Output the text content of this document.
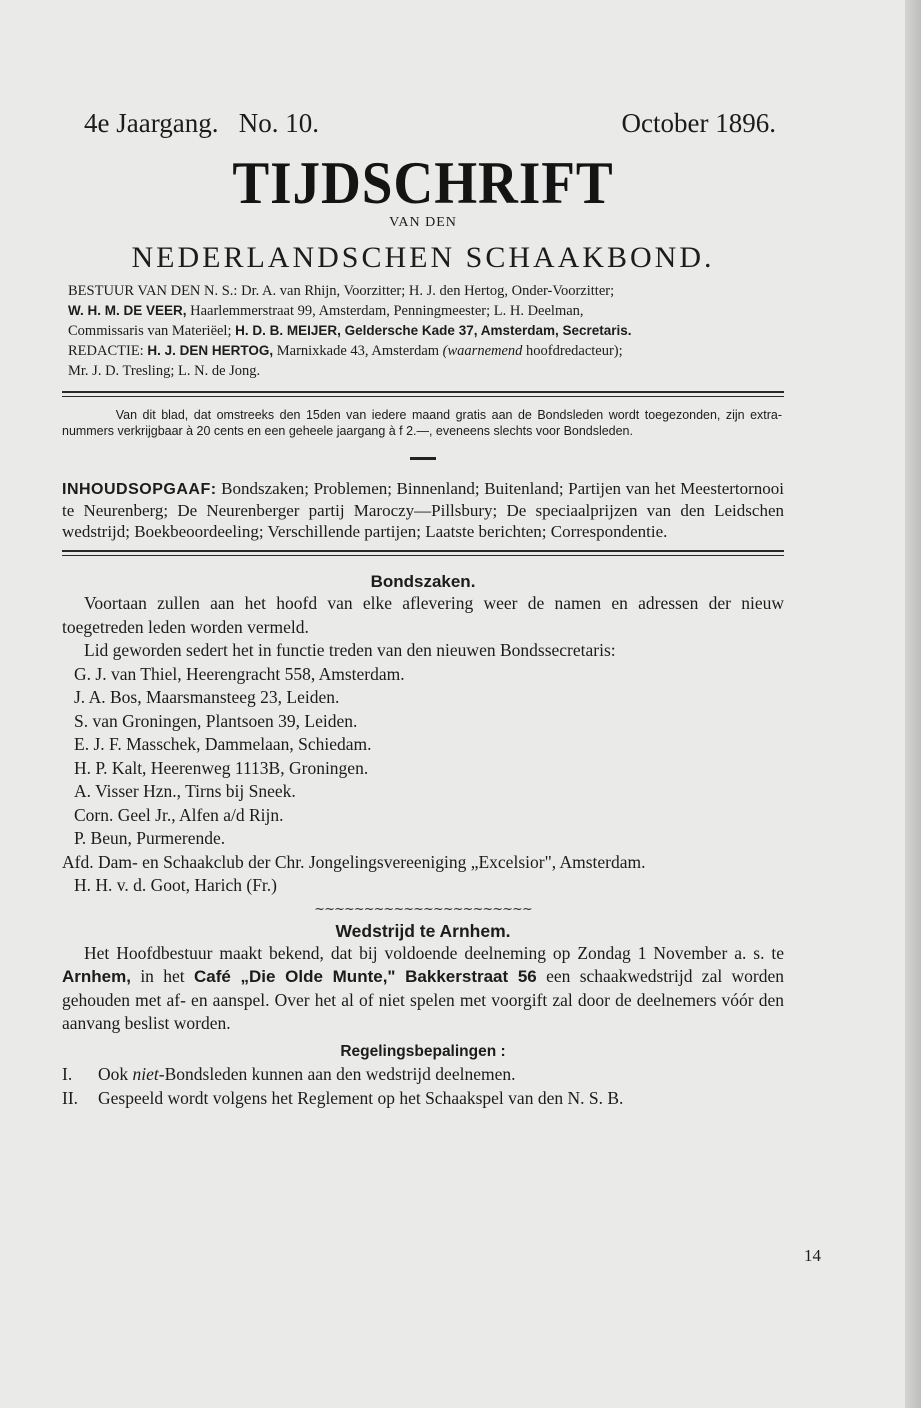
4e Jaargang. No. 10.	October 1896.
TIJDSCHRIFT
VAN DEN
NEDERLANDSCHEN SCHAAKBOND.
BESTUUR VAN DEN N. S.: Dr. A. van Rhijn, Voorzitter; H. J. den Hertog, Onder-Voorzitter;
W. H. M. DE VEER, Haarlemmerstraat 99, Amsterdam, Penningmeester; L. H. Deelman,
Commissaris van Materiëel; H. D. B. MEIJER, Geldersche Kade 37, Amsterdam, Secretaris.
REDACTIE: H. J. DEN HERTOG, Marnixkade 43, Amsterdam (waarnemend hoofdredacteur);
Mr. J. D. Tresling; L. N. de Jong.
Van dit blad, dat omstreeks den 15den van iedere maand gratis aan de Bondsleden wordt toegezonden, zijn extra-nummers verkrijgbaar à 20 cents en een geheele jaargang à f 2.—, eveneens slechts voor Bondsleden.
INHOUDSOPGAAF: Bondszaken; Problemen; Binnenland; Buitenland; Partijen van het Meestertornooi te Neurenberg; De Neurenberger partij Maroczy—Pillsbury; De speciaalprijzen van den Leidschen wedstrijd; Boekbeoordeeling; Verschillende partijen; Laatste berichten; Correspondentie.
Bondszaken.

Voortaan zullen aan het hoofd van elke aflevering weer de namen en adressen der nieuw toegetreden leden worden vermeld.

Lid geworden sedert het in functie treden van den nieuwen Bondssecretaris:

G. J. van Thiel, Heerengracht 558, Amsterdam.
J. A. Bos, Maarsmansteeg 23, Leiden.
S. van Groningen, Plantsoen 39, Leiden.
E. J. F. Masschek, Dammelaan, Schiedam.
H. P. Kalt, Heerenweg 1113B, Groningen.
A. Visser Hzn., Tirns bij Sneek.
Corn. Geel Jr., Alfen a/d Rijn.
P. Beun, Purmerende.
Afd. Dam- en Schaakclub der Chr. Jongelingsvereeniging „Excelsior", Amsterdam.
H. H. v. d. Goot, Harich (Fr.)
~~~~~~~~~~~~~~~~~~~~~~
Wedstrijd te Arnhem.

Het Hoofdbestuur maakt bekend, dat bij voldoende deelneming op Zondag 1 November a. s. te Arnhem, in het Café „Die Olde Munte," Bakkerstraat 56 een schaakwedstrijd zal worden gehouden met af- en aanspel. Over het al of niet spelen met voorgift zal door de deelnemers vóór den aanvang beslist worden.

Regelingsbepalingen :
I.	Ook niet-Bondsleden kunnen aan den wedstrijd deelnemen.
II.	Gespeeld wordt volgens het Reglement op het Schaakspel van den N. S. B.
14
